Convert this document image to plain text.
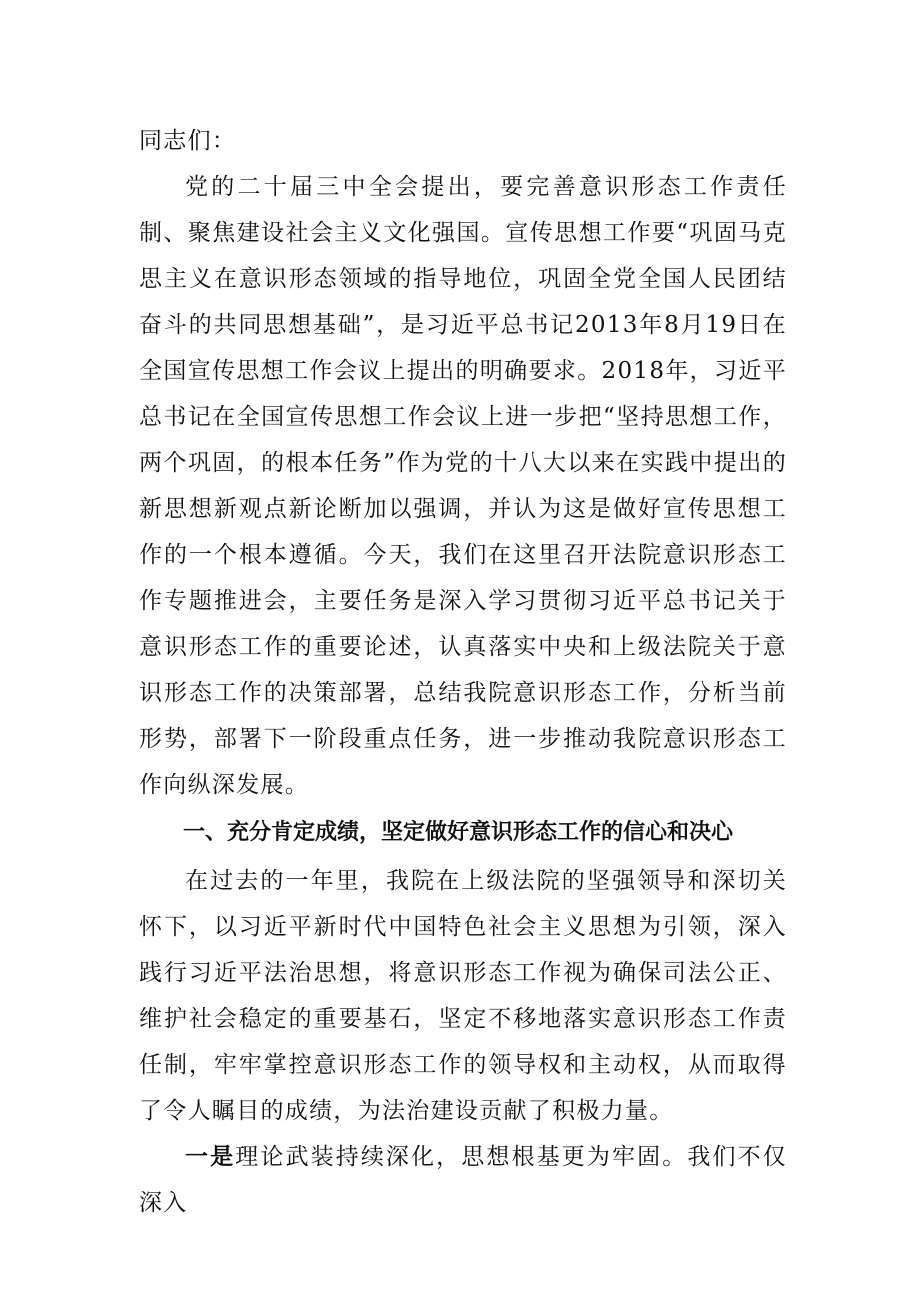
同志们：

党的二十届三中全会提出，要完善意识形态工作责任制、聚焦建设社会主义文化强国。宣传思想工作要“巩固马克思主义在意识形态领域的指导地位，巩固全党全国人民团结奋斗的共同思想基础”，是习近平总书记2013年8月19日在全国宣传思想工作会议上提出的明确要求。2018年，习近平总书记在全国宣传思想工作会议上进一步把“坚持思想工作，两个巩固，的根本任务”作为党的十八大以来在实践中提出的新思想新观点新论断加以强调，并认为这是做好宣传思想工作的一个根本遵循。今天，我们在这里召开法院意识形态工作专题推进会，主要任务是深入学习贯彻习近平总书记关于意识形态工作的重要论述，认真落实中央和上级法院关于意识形态工作的决策部署，总结我院意识形态工作，分析当前形势，部署下一阶段重点任务，进一步推动我院意识形态工作向纵深发展。

一、充分肯定成绩，坚定做好意识形态工作的信心和决心

在过去的一年里，我院在上级法院的坚强领导和深切关怀下，以习近平新时代中国特色社会主义思想为引领，深入践行习近平法治思想，将意识形态工作视为确保司法公正、维护社会稳定的重要基石，坚定不移地落实意识形态工作责任制，牢牢掌控意识形态工作的领导权和主动权，从而取得了令人瞩目的成绩，为法治建设贡献了积极力量。

一是理论武装持续深化，思想根基更为牢固。我们不仅深入
